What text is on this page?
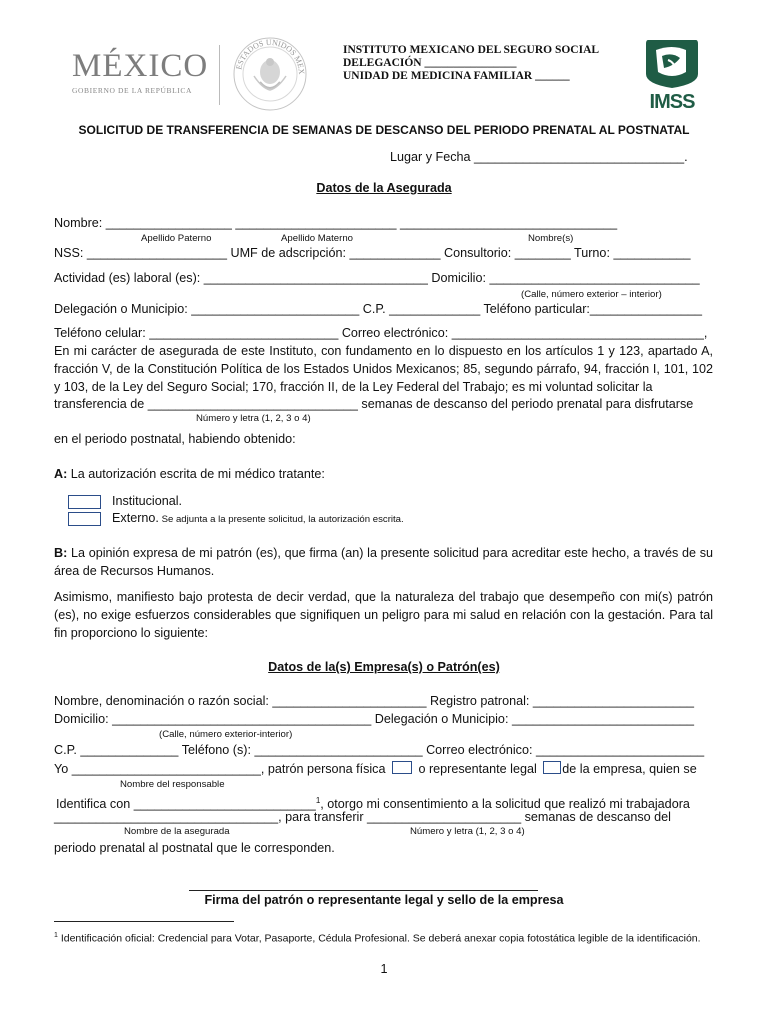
MÉXICO
GOBIERNO DE LA REPÚBLICA
ESTADOS UNIDOS MEX
INSTITUTO MEXICANO DEL SEGURO SOCIAL
DELEGACIÓN ________________
UNIDAD DE MEDICINA FAMILIAR ______
IMSS
SOLICITUD DE TRANSFERENCIA DE SEMANAS DE DESCANSO DEL PERIODO PRENATAL AL POSTNATAL
Lugar y Fecha ______________________________.
Datos de la Asegurada
Nombre: __________________ _______________________ _______________________________
Apellido Paterno	Apellido Materno	Nombre(s)
NSS: ____________________ UMF de adscripción: _____________ Consultorio: ________ Turno: ___________
Actividad (es) laboral (es): ________________________________ Domicilio: ______________________________
(Calle, número exterior – interior)
Delegación o Municipio: ________________________ C.P. _____________ Teléfono particular:________________
Teléfono celular: ___________________________ Correo electrónico: ____________________________________,
En mi carácter de asegurada de este Instituto, con fundamento en lo dispuesto en los artículos 1 y 123, apartado A, fracción V, de la Constitución Política de los Estados Unidos Mexicanos; 85, segundo párrafo, 94, fracción I, 101, 102 y 103, de la Ley del Seguro Social; 170, fracción II, de la Ley Federal del Trabajo; es mi voluntad solicitar la
transferencia de ______________________________ semanas de descanso del periodo prenatal para disfrutarse
Número y letra (1, 2, 3 o 4)
en el periodo postnatal, habiendo obtenido:
A: La autorización escrita de mi médico tratante:
Institucional.
Externo. Se adjunta a la presente solicitud, la autorización escrita.
B: La opinión expresa de mi patrón (es), que firma (an) la presente solicitud para acreditar este hecho, a través de su área de Recursos Humanos.
Asimismo, manifiesto bajo protesta de decir verdad, que la naturaleza del trabajo que desempeño con mi(s) patrón (es), no exige esfuerzos considerables que signifiquen un peligro para mi salud en relación con la gestación. Para tal fin proporciono lo siguiente:
Datos de la(s) Empresa(s) o Patrón(es)
Nombre, denominación o razón social: ______________________ Registro patronal: _______________________
Domicilio: _____________________________________ Delegación o Municipio: __________________________
(Calle, número exterior-interior)
C.P. ______________ Teléfono (s): ________________________ Correo electrónico: ________________________
Yo ___________________________, patrón persona física	o representante legal de la empresa, quien se
Nombre del responsable
Identifica con __________________________$^1$, otorgo mi consentimiento a la solicitud que realizó mi trabajadora
________________________________, para transferir ______________________ semanas de descanso del
Nombre de la asegurada	Número y letra (1, 2, 3 o 4)
periodo prenatal al postnatal que le corresponden.
Firma del patrón o representante legal y sello de la empresa
$^1$ Identificación oficial: Credencial para Votar, Pasaporte, Cédula Profesional. Se deberá anexar copia fotostática legible de la identificación.
1
